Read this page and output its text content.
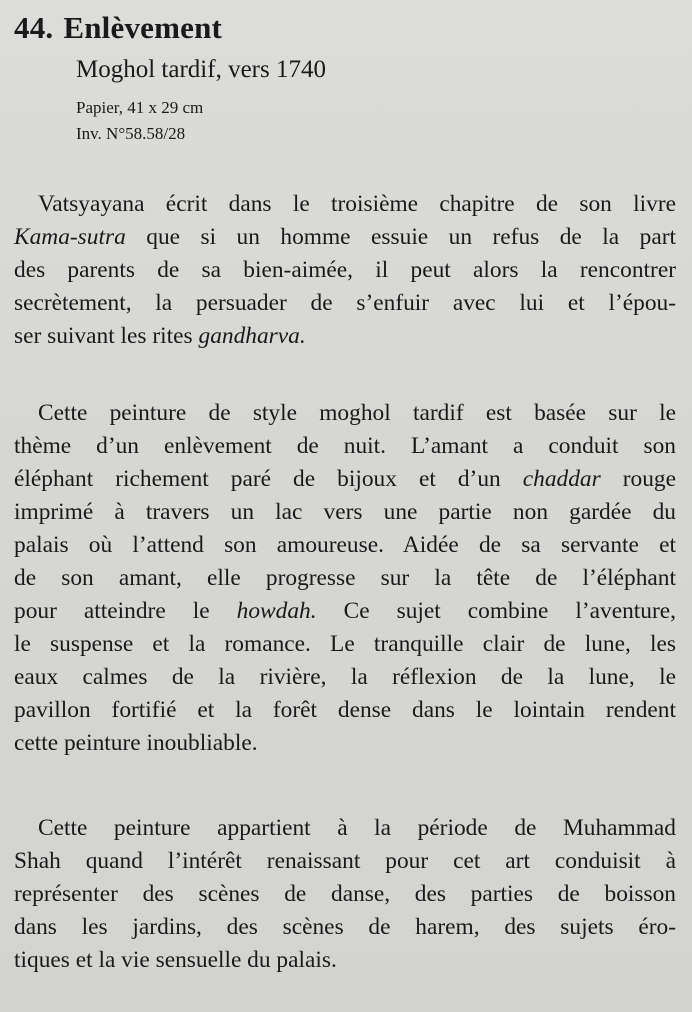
44. Enlèvement
Moghol tardif, vers 1740
Papier, 41 x 29 cm
Inv. N°58.58/28
Vatsyayana écrit dans le troisième chapitre de son livre
Kama-sutra que si un homme essuie un refus de la part
des parents de sa bien-aimée, il peut alors la rencontrer
secrètement, la persuader de s’enfuir avec lui et l’épou-
ser suivant les rites gandharva.
Cette peinture de style moghol tardif est basée sur le
thème d’un enlèvement de nuit. L’amant a conduit son
éléphant richement paré de bijoux et d’un chaddar rouge
imprimé à travers un lac vers une partie non gardée du
palais où l’attend son amoureuse. Aidée de sa servante et
de son amant, elle progresse sur la tête de l’éléphant
pour atteindre le howdah. Ce sujet combine l’aventure,
le suspense et la romance. Le tranquille clair de lune, les
eaux calmes de la rivière, la réflexion de la lune, le
pavillon fortifié et la forêt dense dans le lointain rendent
cette peinture inoubliable.
Cette peinture appartient à la période de Muhammad
Shah quand l’intérêt renaissant pour cet art conduisit à
représenter des scènes de danse, des parties de boisson
dans les jardins, des scènes de harem, des sujets éro-
tiques et la vie sensuelle du palais.
